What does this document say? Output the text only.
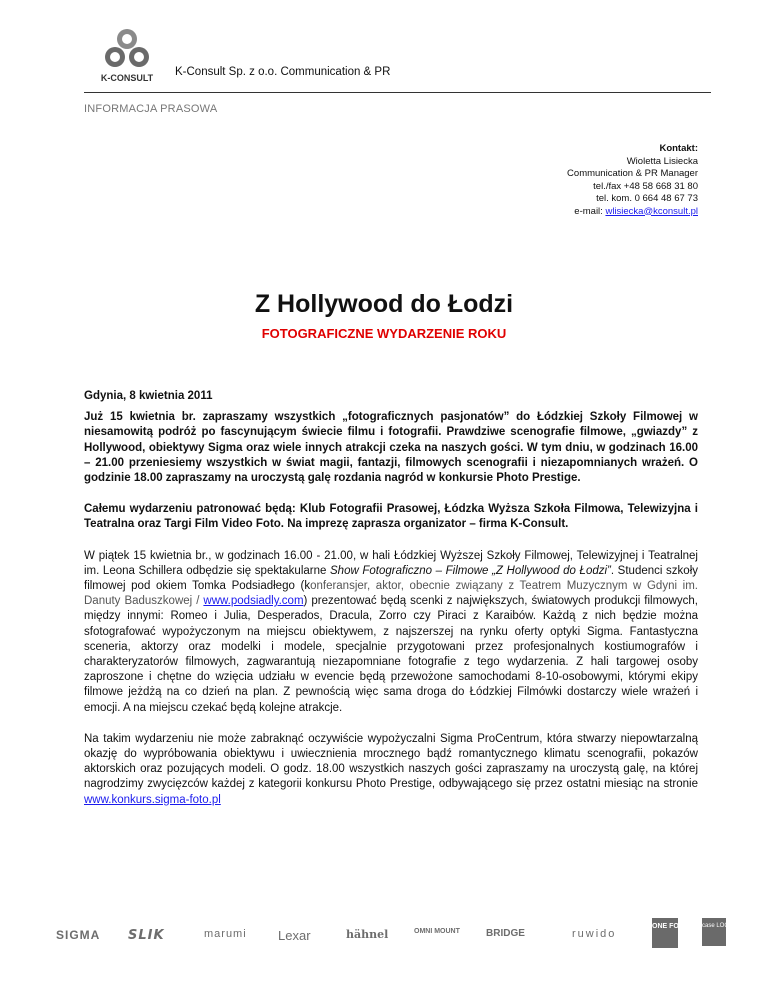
K-CONSULT K-Consult Sp. z o.o. Communication & PR
INFORMACJA PRASOWA
Kontakt:
Wioletta Lisiecka
Communication & PR Manager
tel./fax +48 58 668 31 80
tel. kom. 0 664 48 67 73
e-mail: wlisiecka@kconsult.pl
Z Hollywood do Łodzi
FOTOGRAFICZNE WYDARZENIE ROKU

Gdynia, 8 kwietnia 2011

Już 15 kwietnia br. zapraszamy wszystkich „fotograficznych pasjonatów” do Łódzkiej Szkoły Filmowej w niesamowitą podróż po fascynującym świecie filmu i fotografii. Prawdziwe scenografie filmowe, „gwiazdy” z Hollywood, obiektywy Sigma oraz wiele innych atrakcji czeka na naszych gości. W tym dniu, w godzinach 16.00 – 21.00 przeniesiemy wszystkich w świat magii, fantazji, filmowych scenografii i niezapomnianych wrażeń. O godzinie 18.00 zapraszamy na uroczystą galę rozdania nagród w konkursie Photo Prestige.

Całemu wydarzeniu patronować będą: Klub Fotografii Prasowej, Łódzka Wyższa Szkoła Filmowa, Telewizyjna i Teatralna oraz Targi Film Video Foto. Na imprezę zaprasza organizator – firma K-Consult.

W piątek 15 kwietnia br., w godzinach 16.00 - 21.00, w hali Łódzkiej Wyższej Szkoły Filmowej, Telewizyjnej i Teatralnej im. Leona Schillera odbędzie się spektakularne Show Fotograficzno – Filmowe „Z Hollywood do Łodzi”. Studenci szkoły filmowej pod okiem Tomka Podsiadłego (konferansjer, aktor, obecnie związany z Teatrem Muzycznym w Gdyni im. Danuty Baduszkowej / www.podsiadly.com) prezentować będą scenki z największych, światowych produkcji filmowych, między innymi: Romeo i Julia, Desperados, Dracula, Zorro czy Piraci z Karaibów. Każdą z nich będzie można sfotografować wypożyczonym na miejscu obiektywem, z najszerszej na rynku oferty optyki Sigma. Fantastyczna sceneria, aktorzy oraz modelki i modele, specjalnie przygotowani przez profesjonalnych kostiumografów i charakteryzatorów filmowych, zagwarantują niezapomniane fotografie z tego wydarzenia. Z hali targowej osoby zaproszone i chętne do wzięcia udziału w evencie będą przewożone samochodami 8-10-osobowymi, którymi ekipy filmowe jeżdżą na co dzień na plan. Z pewnością więc sama droga do Łódzkiej Filmówki dostarczy wiele wrażeń i emocji. A na miejscu czekać będą kolejne atrakcje.

Na takim wydarzeniu nie może zabraknąć oczywiście wypożyczalni Sigma ProCentrum, która stwarzy niepowtarzalną okazję do wypróbowania obiektywu i uwiecznienia mrocznego bądź romantycznego klimatu scenografii, pokazów aktorskich oraz pozujących modeli. O godz. 18.00 wszystkich naszych gości zapraszamy na uroczystą galę, na której nagrodzimy zwycięzców każdej z kategorii konkursu Photo Prestige, odbywającego się przez ostatni miesiąc na stronie www.konkurs.sigma-foto.pl

SIGMA SLIK	marumi Lexar	hähnel	OMNI MOUNT	BRIDGE	ruwido
ONE FOR ALL case LOGIC
